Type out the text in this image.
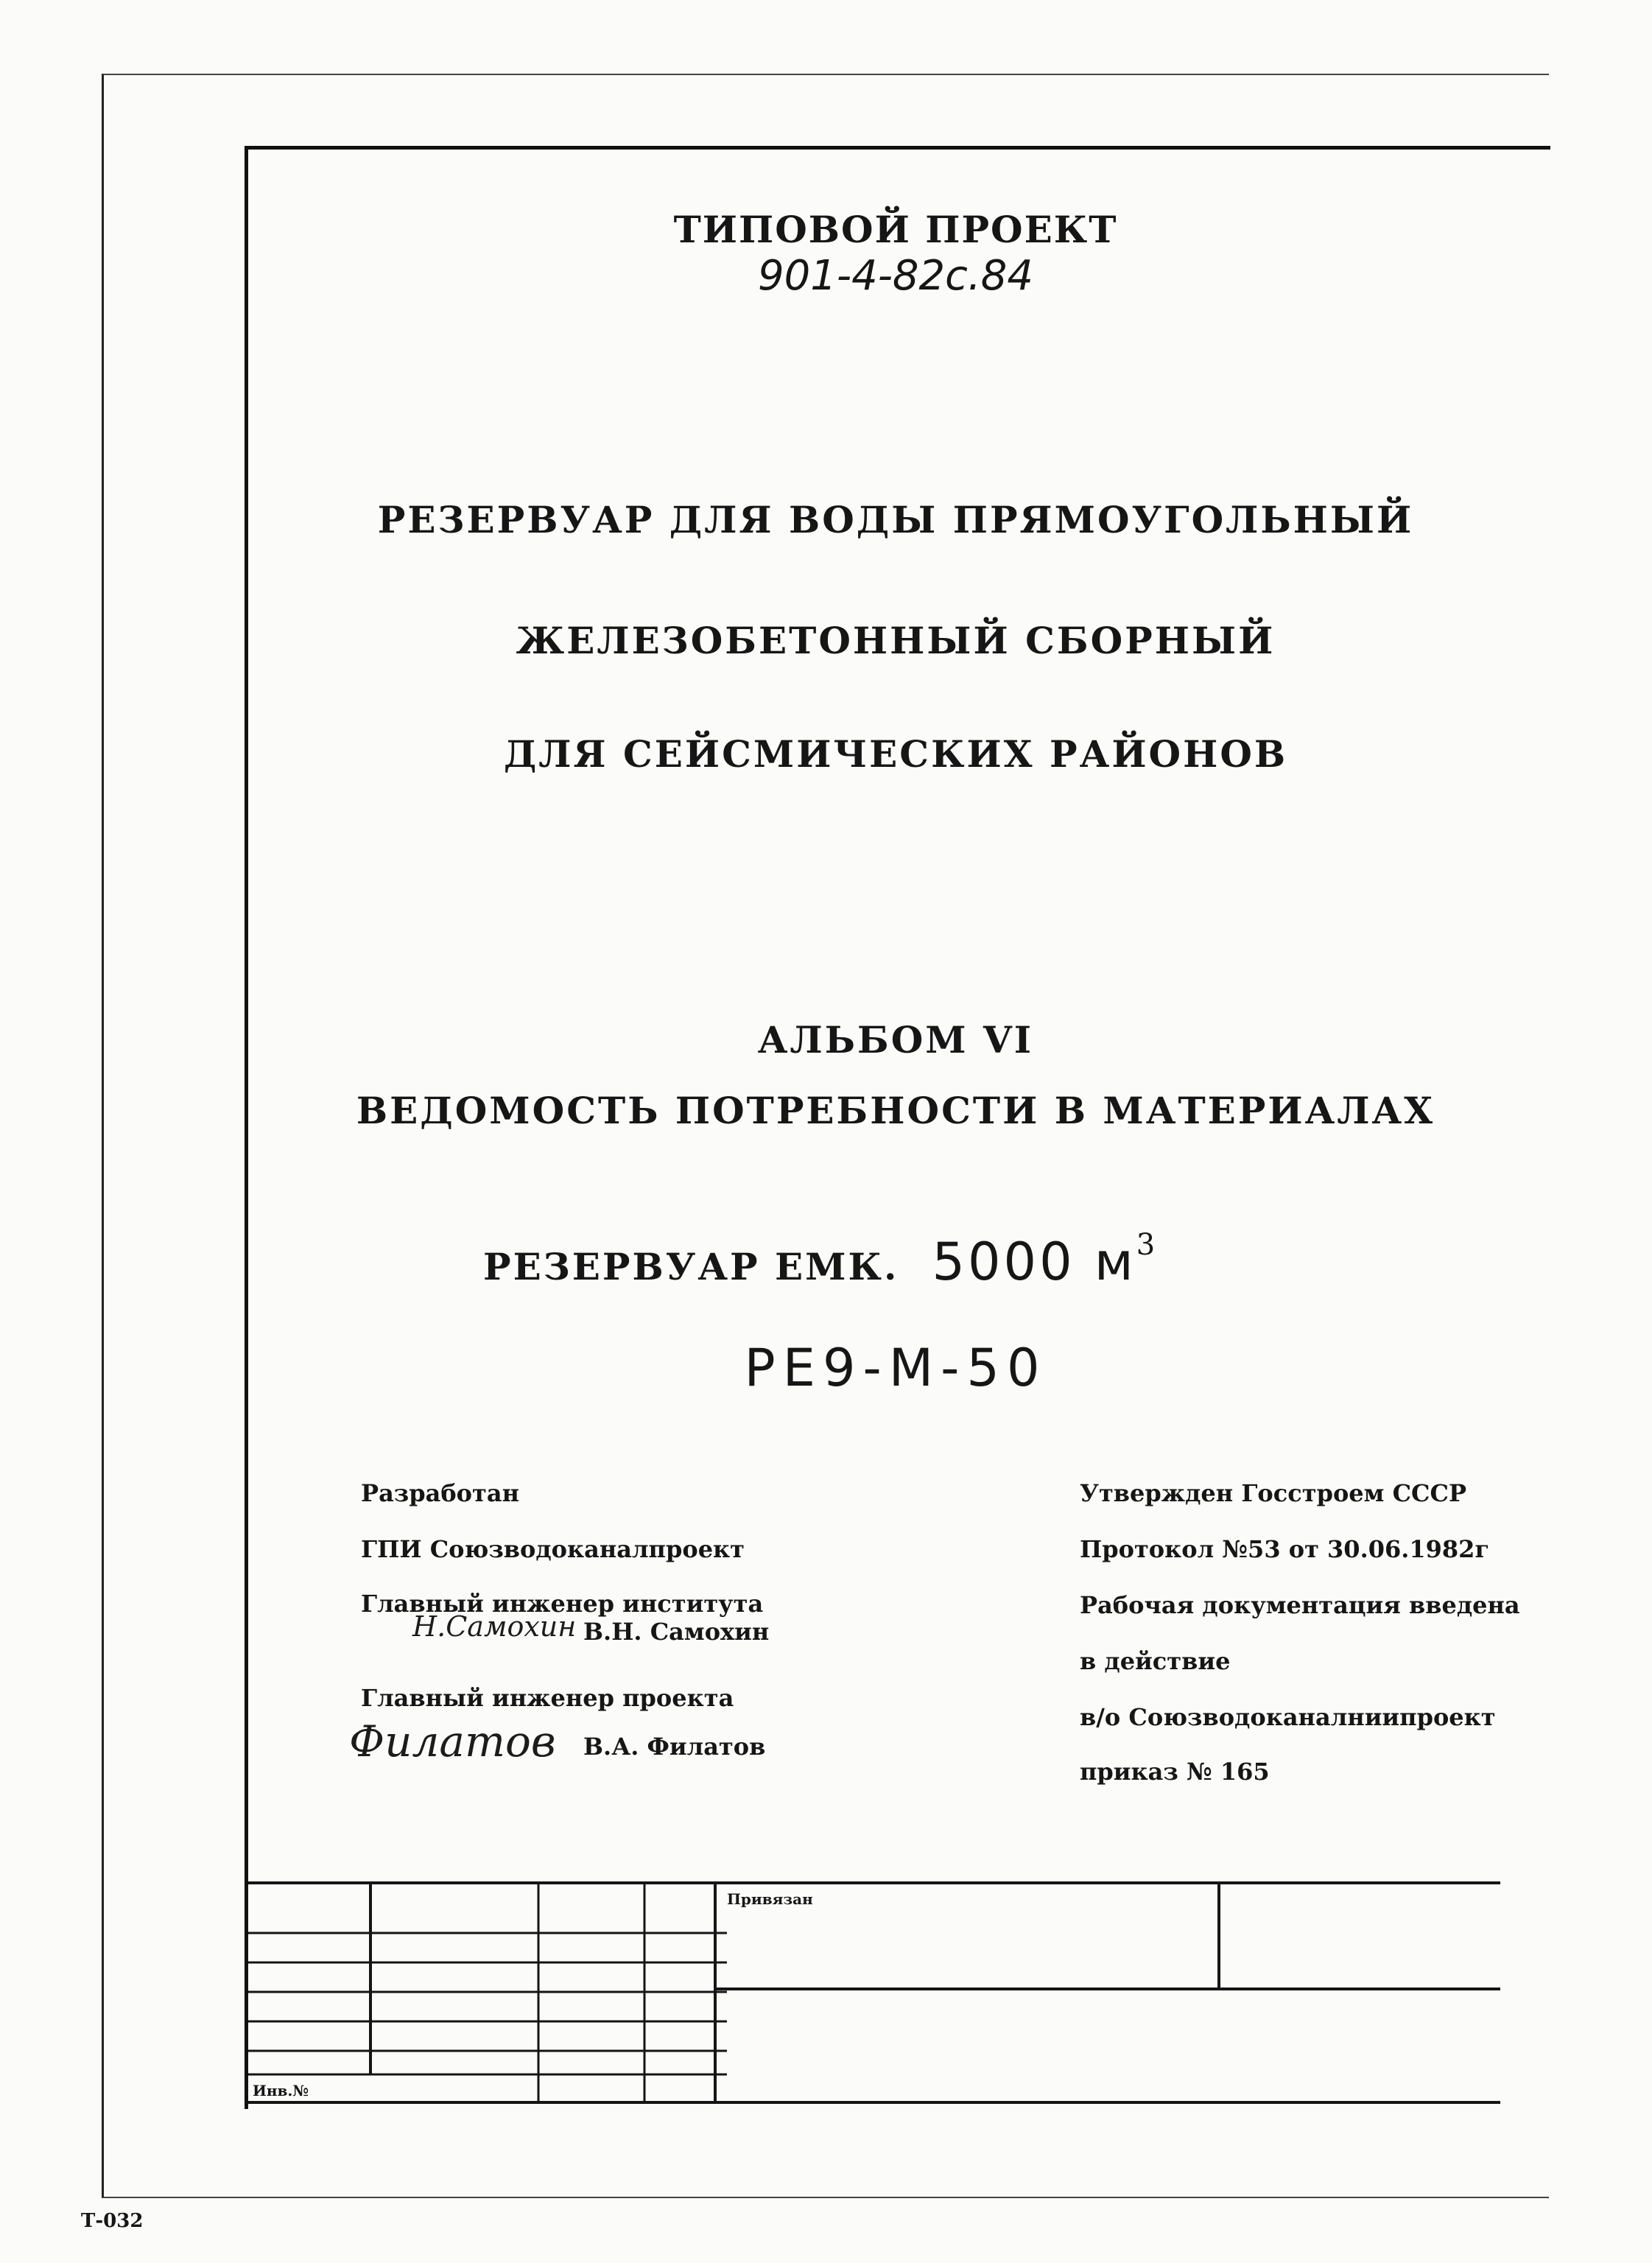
ТИПОВОЙ ПРОЕКТ
901-4-82с.84
РЕЗЕРВУАР ДЛЯ ВОДЫ ПРЯМОУГОЛЬНЫЙ
ЖЕЛЕЗОБЕТОННЫЙ СБОРНЫЙ
ДЛЯ СЕЙСМИЧЕСКИХ РАЙОНОВ
АЛЬБОМ VI
ВЕДОМОСТЬ ПОТРЕБНОСТИ В МАТЕРИАЛАХ
РЕЗЕРВУАР ЕМК. 5000 м3
РЕ9-М-50
Разработан
ГПИ Союзводоканалпроект
Главный инженер института
Н.Самохин В.Н. Самохин
Главный инженер проекта
Филатов В.А. Филатов
Утвержден Госстроем СССР
Протокол №53 от 30.06.1982г
Рабочая документация введена
в действие
в/о Союзводоканалниипроект
приказ № 165
Привязан
Инв.№
Т-032
